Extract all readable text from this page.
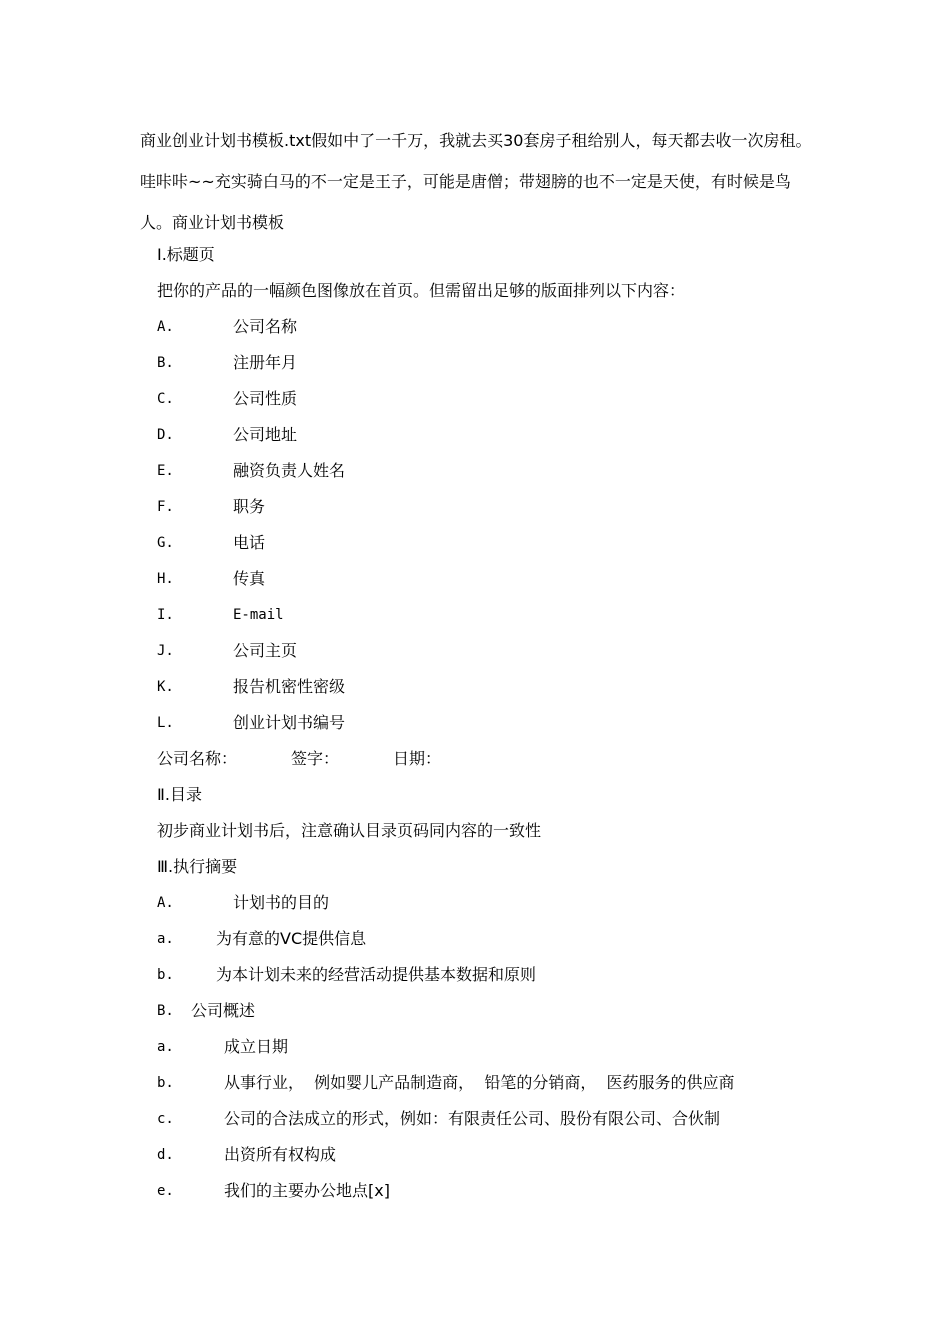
商业创业计划书模板.txt假如中了一千万，我就去买30套房子租给别人，每天都去收一次房租。哇咔咔~~充实骑白马的不一定是王子，可能是唐僧；带翅膀的也不一定是天使，有时候是鸟人。商业计划书模板

Ⅰ.标题页
把你的产品的一幅颜色图像放在首页。但需留出足够的版面排列以下内容：
A.	公司名称
B.	注册年月
C.	公司性质
D.	公司地址
E.	融资负责人姓名
F.	职务
G.	电话
H.	传真
I.	E-mail
J.	公司主页
K.	报告机密性密级
L.	创业计划书编号
公司名称：	签字：	日期：
Ⅱ.目录
初步商业计划书后，注意确认目录页码同内容的一致性
Ⅲ.执行摘要
A.	计划书的目的
a.	为有意的VC提供信息
b.	为本计划未来的经营活动提供基本数据和原则
B. 公司概述
a.	成立日期
b.	从事行业，  例如婴儿产品制造商，  铅笔的分销商，  医药服务的供应商
c.	公司的合法成立的形式，例如：有限责任公司、股份有限公司、合伙制
d.	出资所有权构成
e.	我们的主要办公地点[x]
